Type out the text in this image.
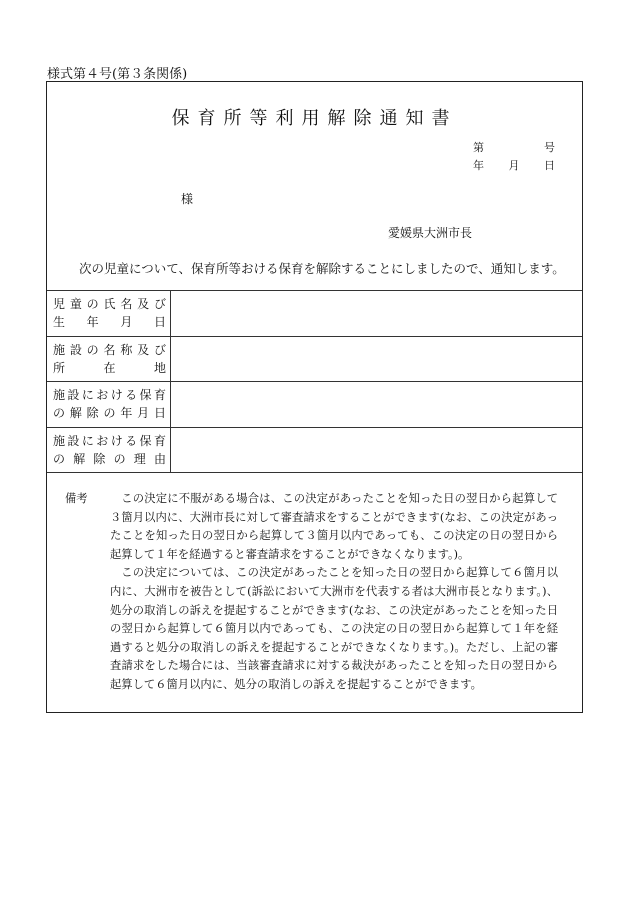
様式第４号(第３条関係)
保育所等利用解除通知書
第	号
年 月 日
様
愛媛県大洲市長
次の児童について、保育所等おける保育を解除することにしましたので、通知します。
児 童 の 氏 名 及 び
生 年 月 日
施 設 の 名 称 及 び
所	在	地
施 設 に お け る 保 育
の 解 除 の 年 月 日
施 設 に お け る 保 育
の 解 除 の 理 由
備考	この決定に不服がある場合は、この決定があったことを知った日の翌日から起算して３箇月以内に、大洲市長に対して審査請求をすることができます(なお、この決定があったことを知った日の翌日から起算して３箇月以内であっても、この決定の日の翌日から起算して１年を経過すると審査請求をすることができなくなります。)。

この決定については、この決定があったことを知った日の翌日から起算して６箇月以内に、大洲市を被告として(訴訟において大洲市を代表する者は大洲市長となります。)、処分の取消しの訴えを提起することができます(なお、この決定があったことを知った日の翌日から起算して６箇月以内であっても、この決定の日の翌日から起算して１年を経過すると処分の取消しの訴えを提起することができなくなります。)。ただし、上記の審査請求をした場合には、当該審査請求に対する裁決があったことを知った日の翌日から起算して６箇月以内に、処分の取消しの訴えを提起することができます。
